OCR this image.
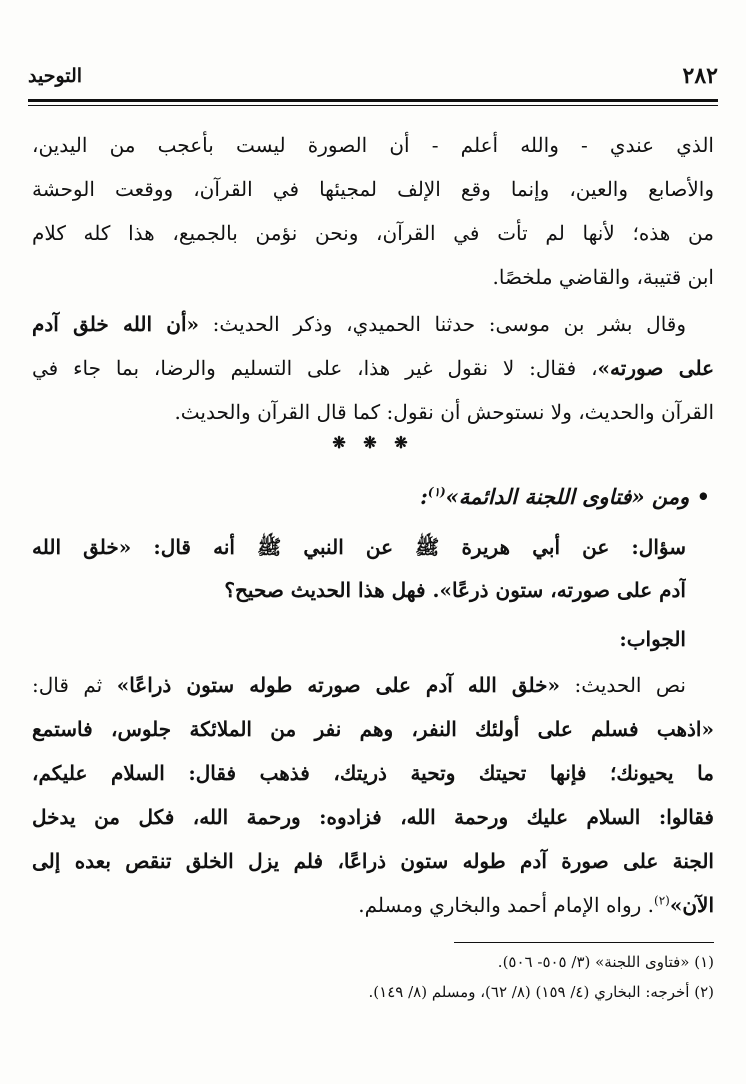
٢٨٢
التوحيد
الذي عندي - والله أعلم - أن الصورة ليست بأعجب من اليدين،
والأصابع والعين، وإنما وقع الإلف لمجيئها في القرآن، ووقعت الوحشة
من هذه؛ لأنها لم تأت في القرآن، ونحن نؤمن بالجميع، هذا كله كلام
ابن قتيبة، والقاضي ملخصًا.
وقال بشر بن موسى: حدثنا الحميدي، وذكر الحديث: «أن الله خلق آدم
على صورته»، فقال: لا نقول غير هذا، على التسليم والرضا، بما جاء في
القرآن والحديث، ولا نستوحش أن نقول: كما قال القرآن والحديث.
❋ ❋ ❋
• ومن «فتاوى اللجنة الدائمة»$^{(١)}$:
سؤال: عن أبي هريرة ﷺ عن النبي ﷺ أنه قال: «خلق الله
آدم على صورته، ستون ذرعًا». فهل هذا الحديث صحيح؟
الجواب:
نص الحديث: «خلق الله آدم على صورته طوله ستون ذراعًا» ثم قال:
«اذهب فسلم على أولئك النفر، وهم نفر من الملائكة جلوس، فاستمع
ما يحيونك؛ فإنها تحيتك وتحية ذريتك، فذهب فقال: السلام عليكم،
فقالوا: السلام عليك ورحمة الله، فزادوه: ورحمة الله، فكل من يدخل
الجنة على صورة آدم طوله ستون ذراعًا، فلم يزل الخلق تنقص بعده إلى
الآن»$^{(٢)}$. رواه الإمام أحمد والبخاري ومسلم.
(١) «فتاوى اللجنة» (٣/ ٥٠٥- ٥٠٦).
(٢) أخرجه: البخاري (٤/ ١٥٩) (٨/ ٦٢)، ومسلم (٨/ ١٤٩).
